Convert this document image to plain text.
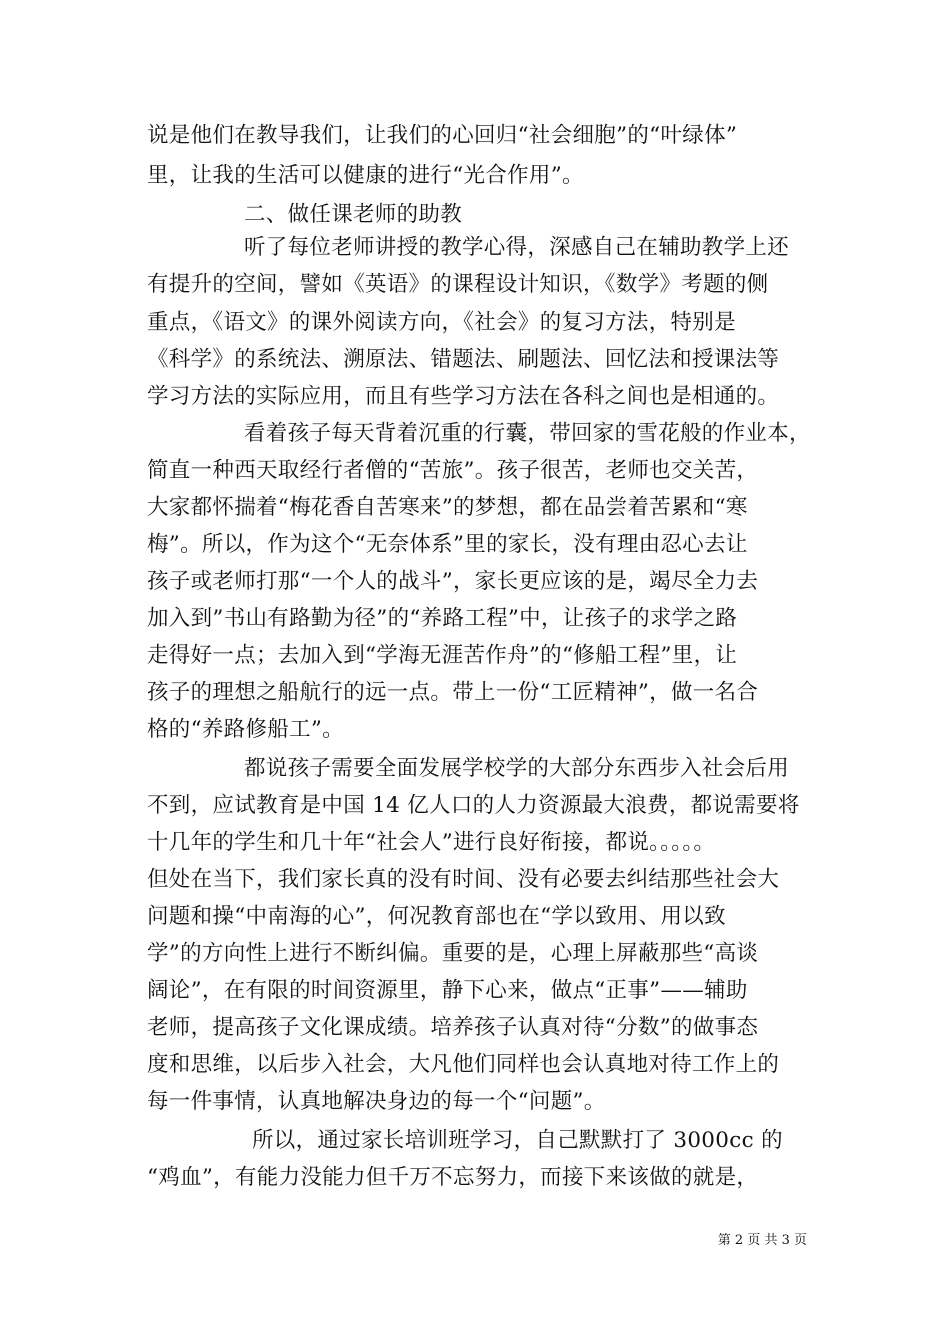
说是他们在教导我们，让我们的心回归“社会细胞”的“叶绿体”
里，让我的生活可以健康的进行“光合作用”。
二、做任课老师的助教
听了每位老师讲授的教学心得，深感自己在辅助教学上还
有提升的空间，譬如《英语》的课程设计知识，《数学》考题的侧
重点，《语文》的课外阅读方向，《社会》的复习方法，特别是
《科学》的系统法、溯原法、错题法、刷题法、回忆法和授课法等
学习方法的实际应用，而且有些学习方法在各科之间也是相通的。
看着孩子每天背着沉重的行囊，带回家的雪花般的作业本，
简直一种西天取经行者僧的“苦旅”。孩子很苦，老师也交关苦，
大家都怀揣着“梅花香自苦寒来”的梦想，都在品尝着苦累和“寒
梅”。所以，作为这个“无奈体系”里的家长，没有理由忍心去让
孩子或老师打那“一个人的战斗”，家长更应该的是，竭尽全力去
加入到”书山有路勤为径”的“养路工程”中，让孩子的求学之路
走得好一点；去加入到“学海无涯苦作舟”的“修船工程”里，让
孩子的理想之船航行的远一点。带上一份“工匠精神”，做一名合
格的“养路修船工”。
都说孩子需要全面发展学校学的大部分东西步入社会后用
不到，应试教育是中国 14 亿人口的人力资源最大浪费，都说需要将
十几年的学生和几十年“社会人”进行良好衔接，都说。。。。。
但处在当下，我们家长真的没有时间、没有必要去纠结那些社会大
问题和操“中南海的心”，何况教育部也在“学以致用、用以致
学”的方向性上进行不断纠偏。重要的是，心理上屏蔽那些“高谈
阔论”，在有限的时间资源里，静下心来，做点“正事”——辅助
老师，提高孩子文化课成绩。培养孩子认真对待“分数”的做事态
度和思维，以后步入社会，大凡他们同样也会认真地对待工作上的
每一件事情，认真地解决身边的每一个“问题”。
所以，通过家长培训班学习，自己默默打了 3000cc 的
“鸡血”，有能力没能力但千万不忘努力，而接下来该做的就是，
第 2 页 共 3 页
